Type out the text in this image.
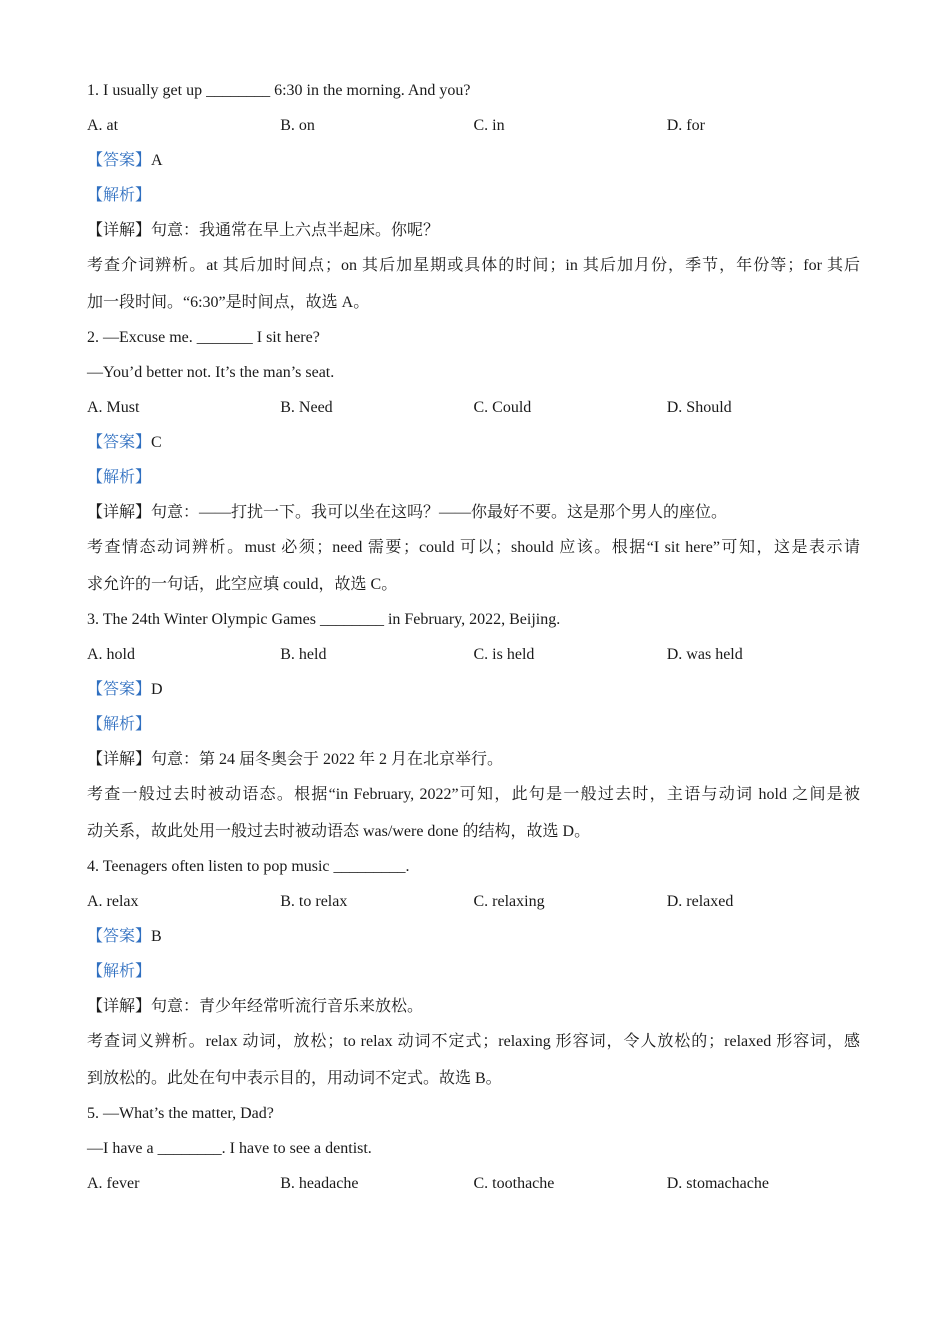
1. I usually get up ________ 6:30 in the morning. And you?
A. at	B. on	C. in	D. for
【答案】A
【解析】
【详解】句意：我通常在早上六点半起床。你呢？
考查介词辨析。at 其后加时间点；on 其后加星期或具体的时间；in 其后加月份，季节，年份等；for 其后
加一段时间。“6:30”是时间点，故选 A。
2. —Excuse me. _______ I sit here?
—You’d better not. It’s the man’s seat.
A. Must	B. Need	C. Could	D. Should
【答案】C
【解析】
【详解】句意：——打扰一下。我可以坐在这吗？——你最好不要。这是那个男人的座位。
考查情态动词辨析。must 必须；need 需要；could 可以；should 应该。根据“I sit here”可知，这是表示请
求允许的一句话，此空应填 could，故选 C。
3. The 24th Winter Olympic Games ________ in February, 2022, Beijing.
A. hold	B. held	C. is held	D. was held
【答案】D
【解析】
【详解】句意：第 24 届冬奥会于 2022 年 2 月在北京举行。
考查一般过去时被动语态。根据“in February, 2022”可知，此句是一般过去时，主语与动词 hold 之间是被
动关系，故此处用一般过去时被动语态 was/were done 的结构，故选 D。
4. Teenagers often listen to pop music _________.
A. relax	B. to relax	C. relaxing	D. relaxed
【答案】B
【解析】
【详解】句意：青少年经常听流行音乐来放松。
考查词义辨析。relax 动词，放松；to relax 动词不定式；relaxing 形容词，令人放松的；relaxed 形容词，感
到放松的。此处在句中表示目的，用动词不定式。故选 B。
5. —What’s the matter, Dad?
—I have a ________. I have to see a dentist.
A. fever	B. headache	C. toothache	D. stomachache
